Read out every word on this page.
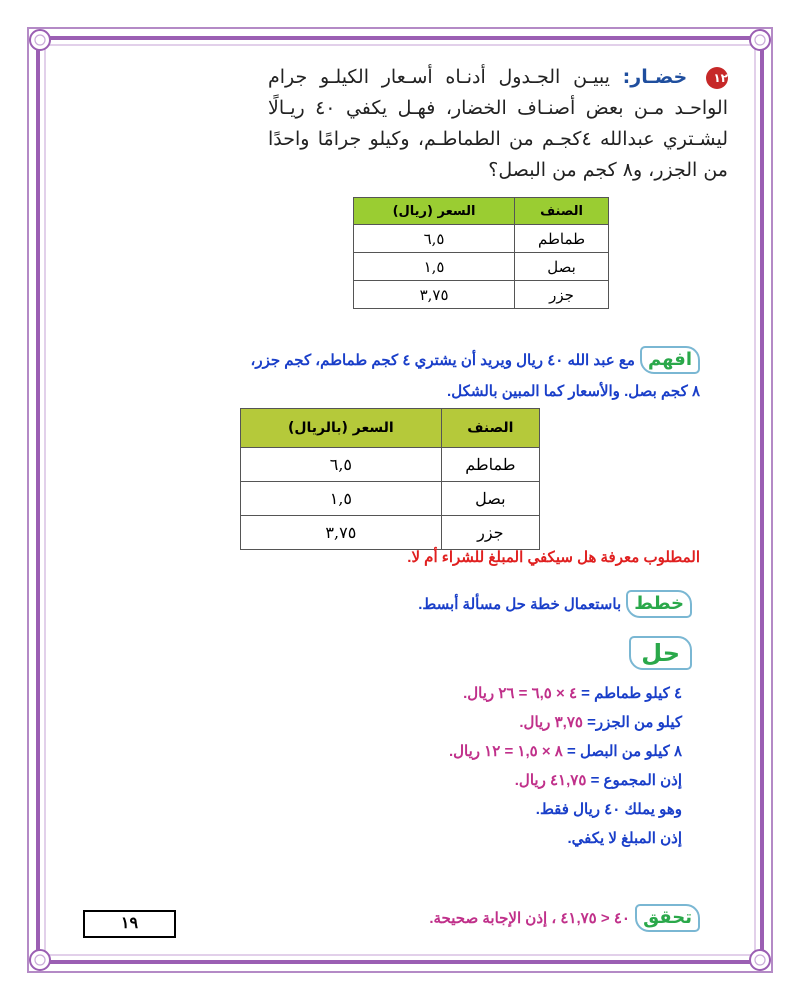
١٢ خضـار: يبيـن الجـدول أدنـاه أسـعار الكيلـو جرام الواحـد مـن بعض أصنـاف الخضار، فهـل يكفي ٤٠ ريـالًا ليشـتري عبدالله ٤كجـم من الطماطـم، وكيلو جرامًا واحدًا من الجزر، و٨ كجم من البصل؟
الصنف	السعر (ريال)
طماطم	٦,٥
بصل	١,٥
جزر	٣,٧٥
افهم مع عبد الله ٤٠ ريال ويريد أن يشتري ٤ كجم طماطم، كجم جزر،
٨ كجم بصل. والأسعار كما المبين بالشكل.
الصنف	السعر (بالريال)
طماطم	٦,٥
بصل	١,٥
جزر	٣,٧٥
المطلوب معرفة هل سيكفي المبلغ للشراء أم لا.
خطط باستعمال خطة حل مسألة أبسط.
حل
٤ كيلو طماطم = ٤ × ٦,٥ = ٢٦ ريال.
كيلو من الجزر= ٣,٧٥ ريال.
٨ كيلو من البصل = ٨ × ١,٥ = ١٢ ريال.
إذن المجموع = ٤١,٧٥ ريال.
وهو يملك ٤٠ ريال فقط.
إذن المبلغ لا يكفي.
تحقق ٤٠ < ٤١,٧٥ ، إذن الإجابة صحيحة.
١٩
